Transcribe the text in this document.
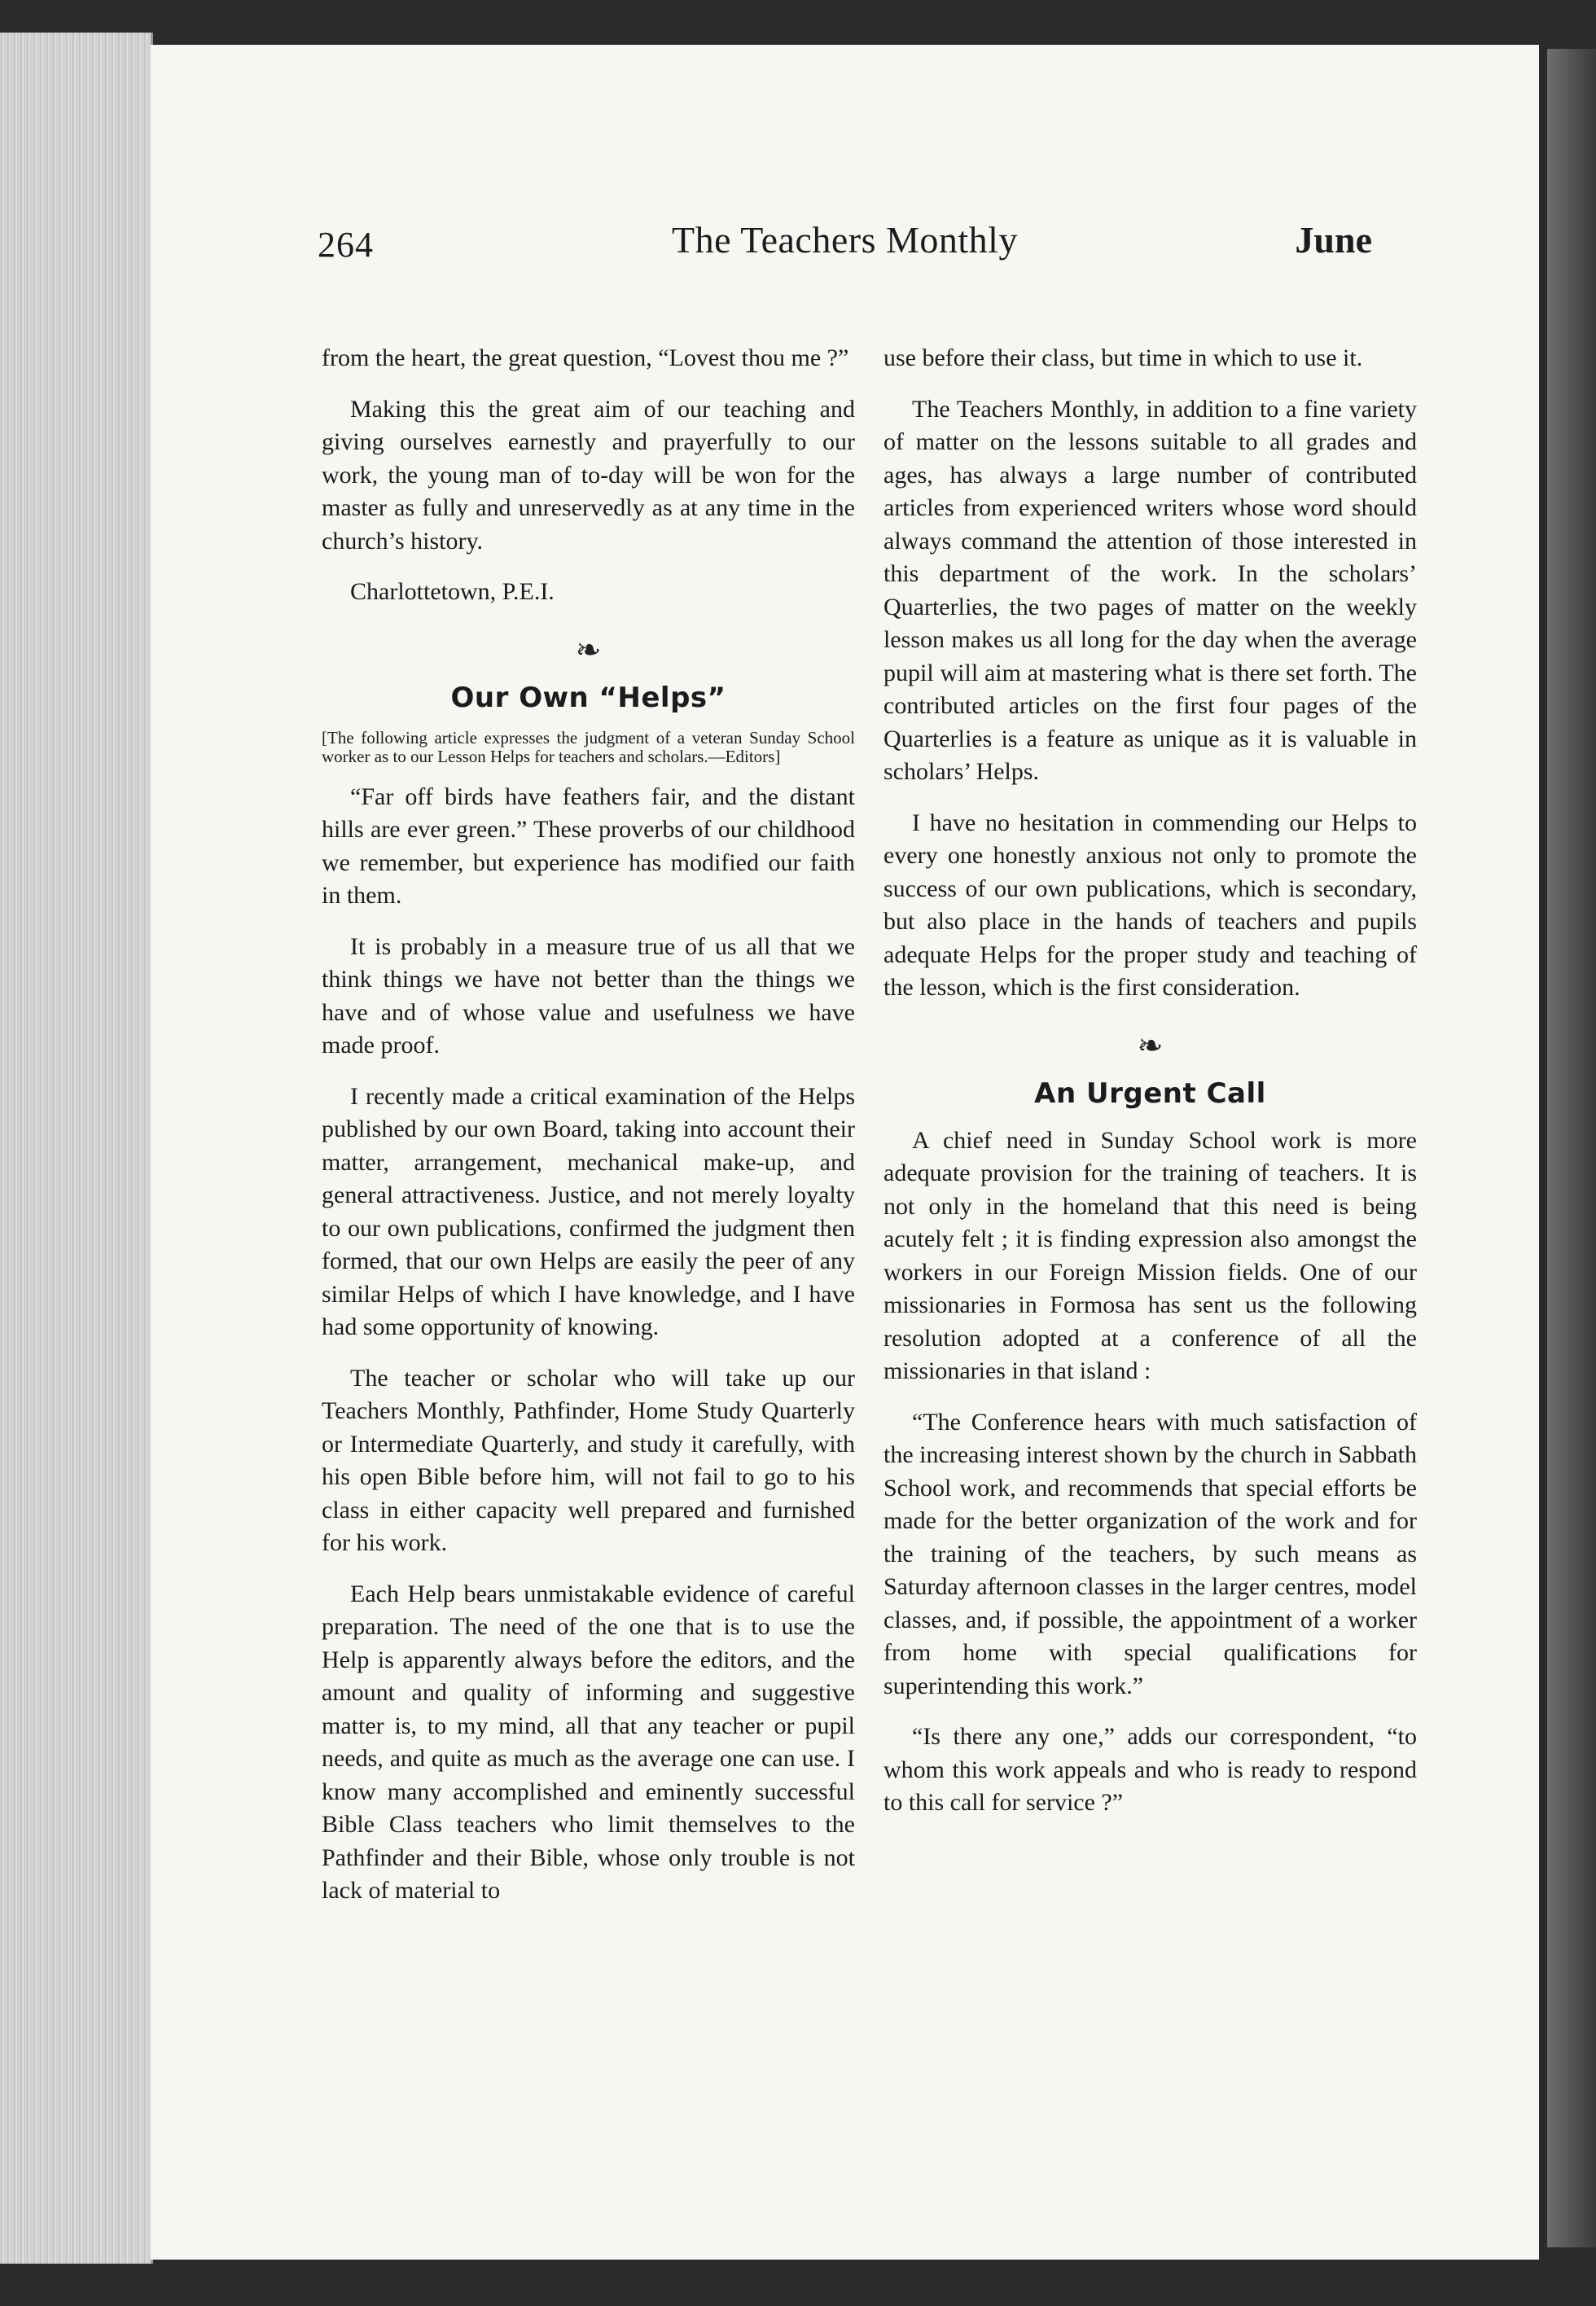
264	The Teachers Monthly	June

from the heart, the great question, “Lovest thou me ?”

Making this the great aim of our teaching and giving ourselves earnestly and prayerfully to our work, the young man of to-day will be won for the master as fully and unreservedly as at any time in the church’s history.

Charlottetown, P.E.I.

❧
Our Own “Helps”
[The following article expresses the judgment of a veteran Sunday School worker as to our Lesson Helps for teachers and scholars.—Editors]

“Far off birds have feathers fair, and the distant hills are ever green.” These proverbs of our childhood we remember, but experience has modified our faith in them.

It is probably in a measure true of us all that we think things we have not better than the things we have and of whose value and usefulness we have made proof.

I recently made a critical examination of the Helps published by our own Board, taking into account their matter, arrangement, mechanical make-up, and general attractiveness. Justice, and not merely loyalty to our own publications, confirmed the judgment then formed, that our own Helps are easily the peer of any similar Helps of which I have knowledge, and I have had some opportunity of knowing.

The teacher or scholar who will take up our Teachers Monthly, Pathfinder, Home Study Quarterly or Intermediate Quarterly, and study it carefully, with his open Bible before him, will not fail to go to his class in either capacity well prepared and furnished for his work.

Each Help bears unmistakable evidence of careful preparation. The need of the one that is to use the Help is apparently always before the editors, and the amount and quality of informing and suggestive matter is, to my mind, all that any teacher or pupil needs, and quite as much as the average one can use. I know many accomplished and eminently successful Bible Class teachers who limit themselves to the Pathfinder and their Bible, whose only trouble is not lack of material to

use before their class, but time in which to use it.

The Teachers Monthly, in addition to a fine variety of matter on the lessons suitable to all grades and ages, has always a large number of contributed articles from experienced writers whose word should always command the attention of those interested in this department of the work. In the scholars’ Quarterlies, the two pages of matter on the weekly lesson makes us all long for the day when the average pupil will aim at mastering what is there set forth. The contributed articles on the first four pages of the Quarterlies is a feature as unique as it is valuable in scholars’ Helps.

I have no hesitation in commending our Helps to every one honestly anxious not only to promote the success of our own publications, which is secondary, but also place in the hands of teachers and pupils adequate Helps for the proper study and teaching of the lesson, which is the first consideration.

❧
An Urgent Call

A chief need in Sunday School work is more adequate provision for the training of teachers. It is not only in the homeland that this need is being acutely felt ; it is finding expression also amongst the workers in our Foreign Mission fields. One of our missionaries in Formosa has sent us the following resolution adopted at a conference of all the missionaries in that island :

“The Conference hears with much satisfaction of the increasing interest shown by the church in Sabbath School work, and recommends that special efforts be made for the better organization of the work and for the training of the teachers, by such means as Saturday afternoon classes in the larger centres, model classes, and, if possible, the appointment of a worker from home with special qualifications for superintending this work.”

“Is there any one,” adds our correspondent, “to whom this work appeals and who is ready to respond to this call for service ?”
